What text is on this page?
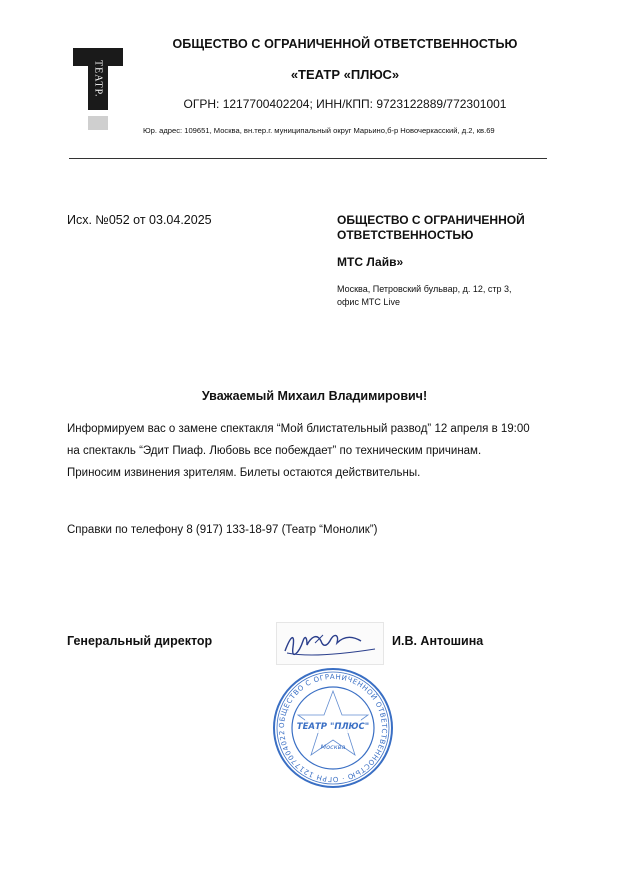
ТЕАТР.
ОБЩЕСТВО С ОГРАНИЧЕННОЙ ОТВЕТСТВЕННОСТЬЮ
«ТЕАТР «ПЛЮС»
ОГРН: 1217700402204; ИНН/КПП: 9723122889/772301001
Юр. адрес: 109651, Москва, вн.тер.г. муниципальный округ Марьино,б-р Новочеркасский, д.2, кв.69
Исх. №052 от 03.04.2025	ОБЩЕСТВО С ОГРАНИЧЕННОЙ
ОТВЕТСТВЕННОСТЬЮ
МТС Лайв»
Москва, Петровский бульвар, д. 12, стр 3,
офис МТС Live
Уважаемый Михаил Владимирович!
Информируем вас о замене спектакля “Мой блистательный развод” 12 апреля в 19:00
на спектакль “Эдит Пиаф. Любовь все побеждает” по техническим причинам.
Приносим извинения зрителям. Билеты остаются действительны.
Справки по телефону 8 (917) 133-18-97 (Театр “Монолик”)
Генеральный директор	И.В. Антошина
ОБЩЕСТВО С ОГРАНИЧЕННОЙ ОТВЕТСТВЕННОСТЬЮ · ОГРН 12177004022
ТЕАТР "ПЛЮС"
Москва
